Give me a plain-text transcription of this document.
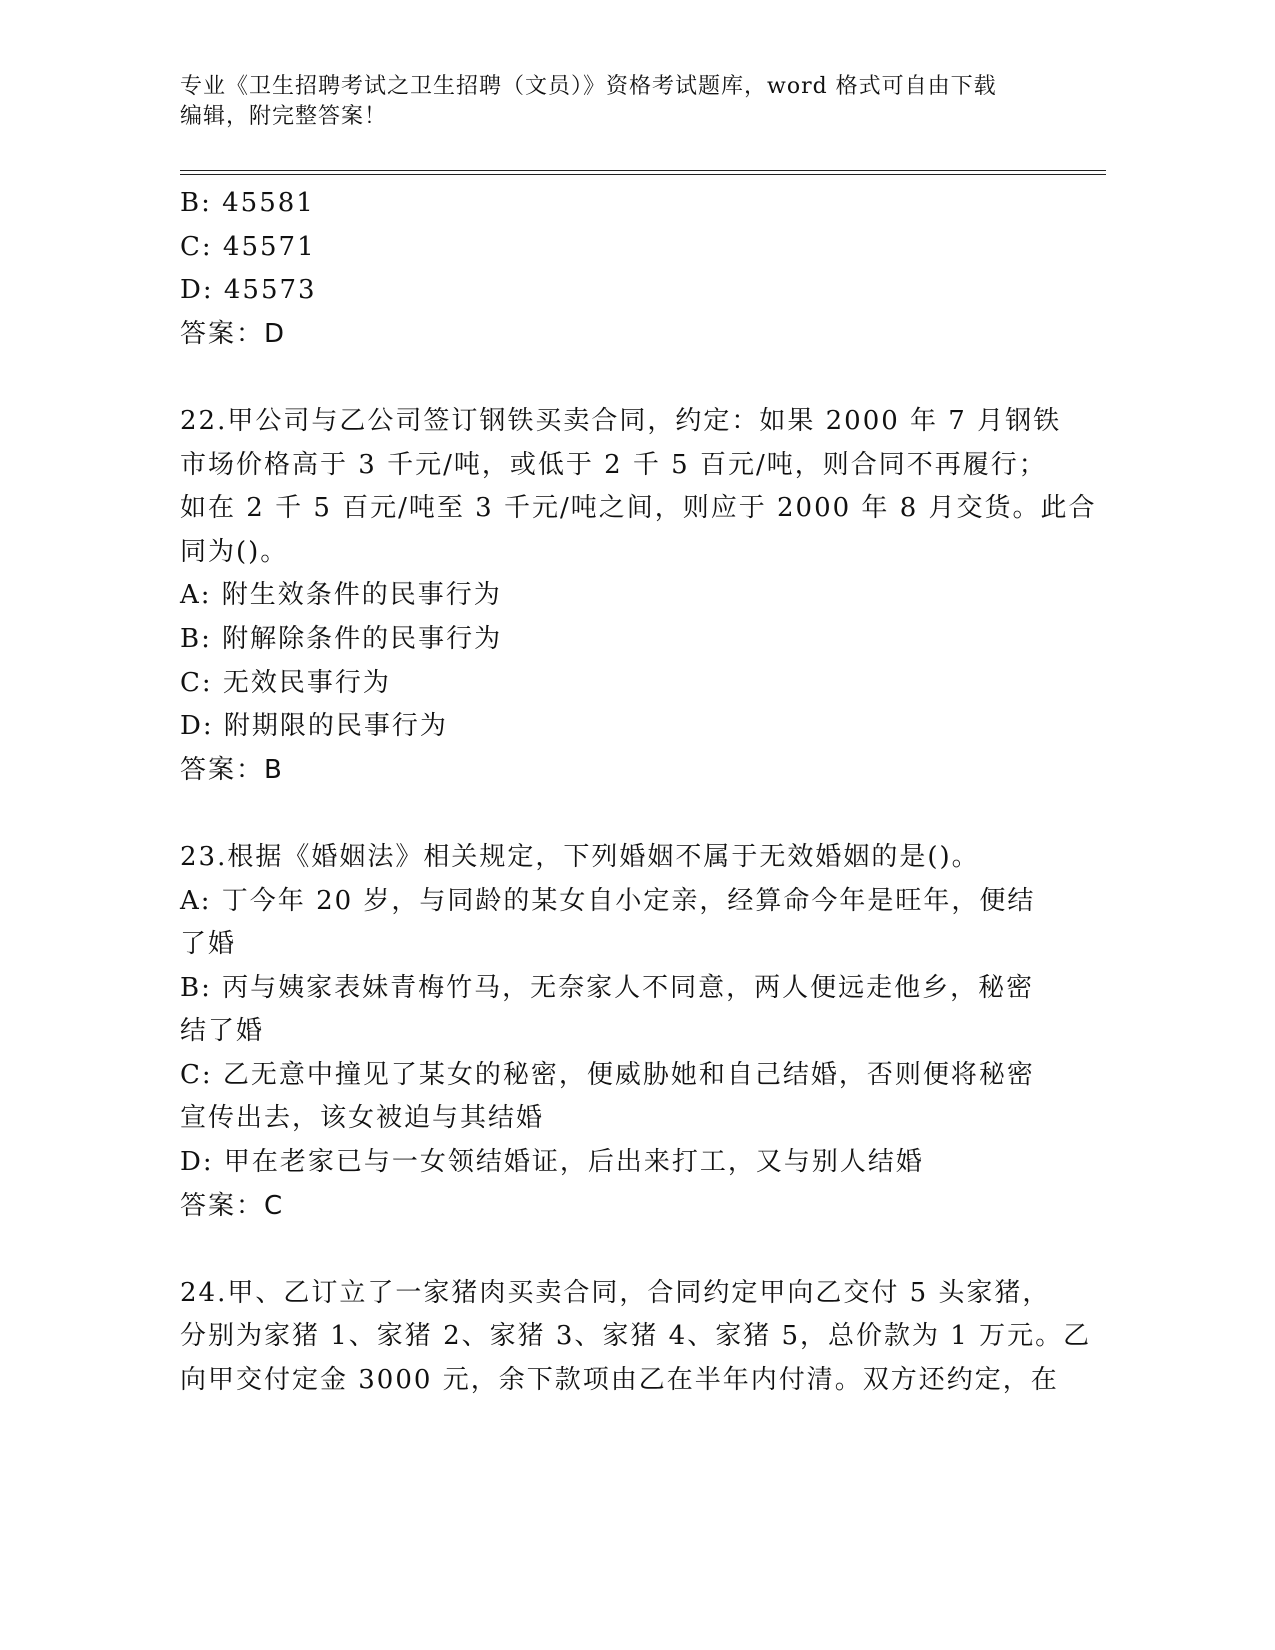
专业《卫生招聘考试之卫生招聘（文员）》资格考试题库，word 格式可自由下载
编辑，附完整答案！
B: 45581
C: 45571
D: 45573
答案：D
22.甲公司与乙公司签订钢铁买卖合同，约定：如果 2000 年 7 月钢铁
市场价格高于 3 千元/吨，或低于 2 千 5 百元/吨，则合同不再履行；
如在 2 千 5 百元/吨至 3 千元/吨之间，则应于 2000 年 8 月交货。此合
同为()。
A: 附生效条件的民事行为
B: 附解除条件的民事行为
C: 无效民事行为
D: 附期限的民事行为
答案：B
23.根据《婚姻法》相关规定，下列婚姻不属于无效婚姻的是()。
A: 丁今年 20 岁，与同龄的某女自小定亲，经算命今年是旺年，便结
了婚
B: 丙与姨家表妹青梅竹马，无奈家人不同意，两人便远走他乡，秘密
结了婚
C: 乙无意中撞见了某女的秘密，便威胁她和自己结婚，否则便将秘密
宣传出去，该女被迫与其结婚
D: 甲在老家已与一女领结婚证，后出来打工，又与别人结婚
答案：C
24.甲、乙订立了一家猪肉买卖合同，合同约定甲向乙交付 5 头家猪，
分别为家猪 1、家猪 2、家猪 3、家猪 4、家猪 5，总价款为 1 万元。乙
向甲交付定金 3000 元，余下款项由乙在半年内付清。双方还约定，在
